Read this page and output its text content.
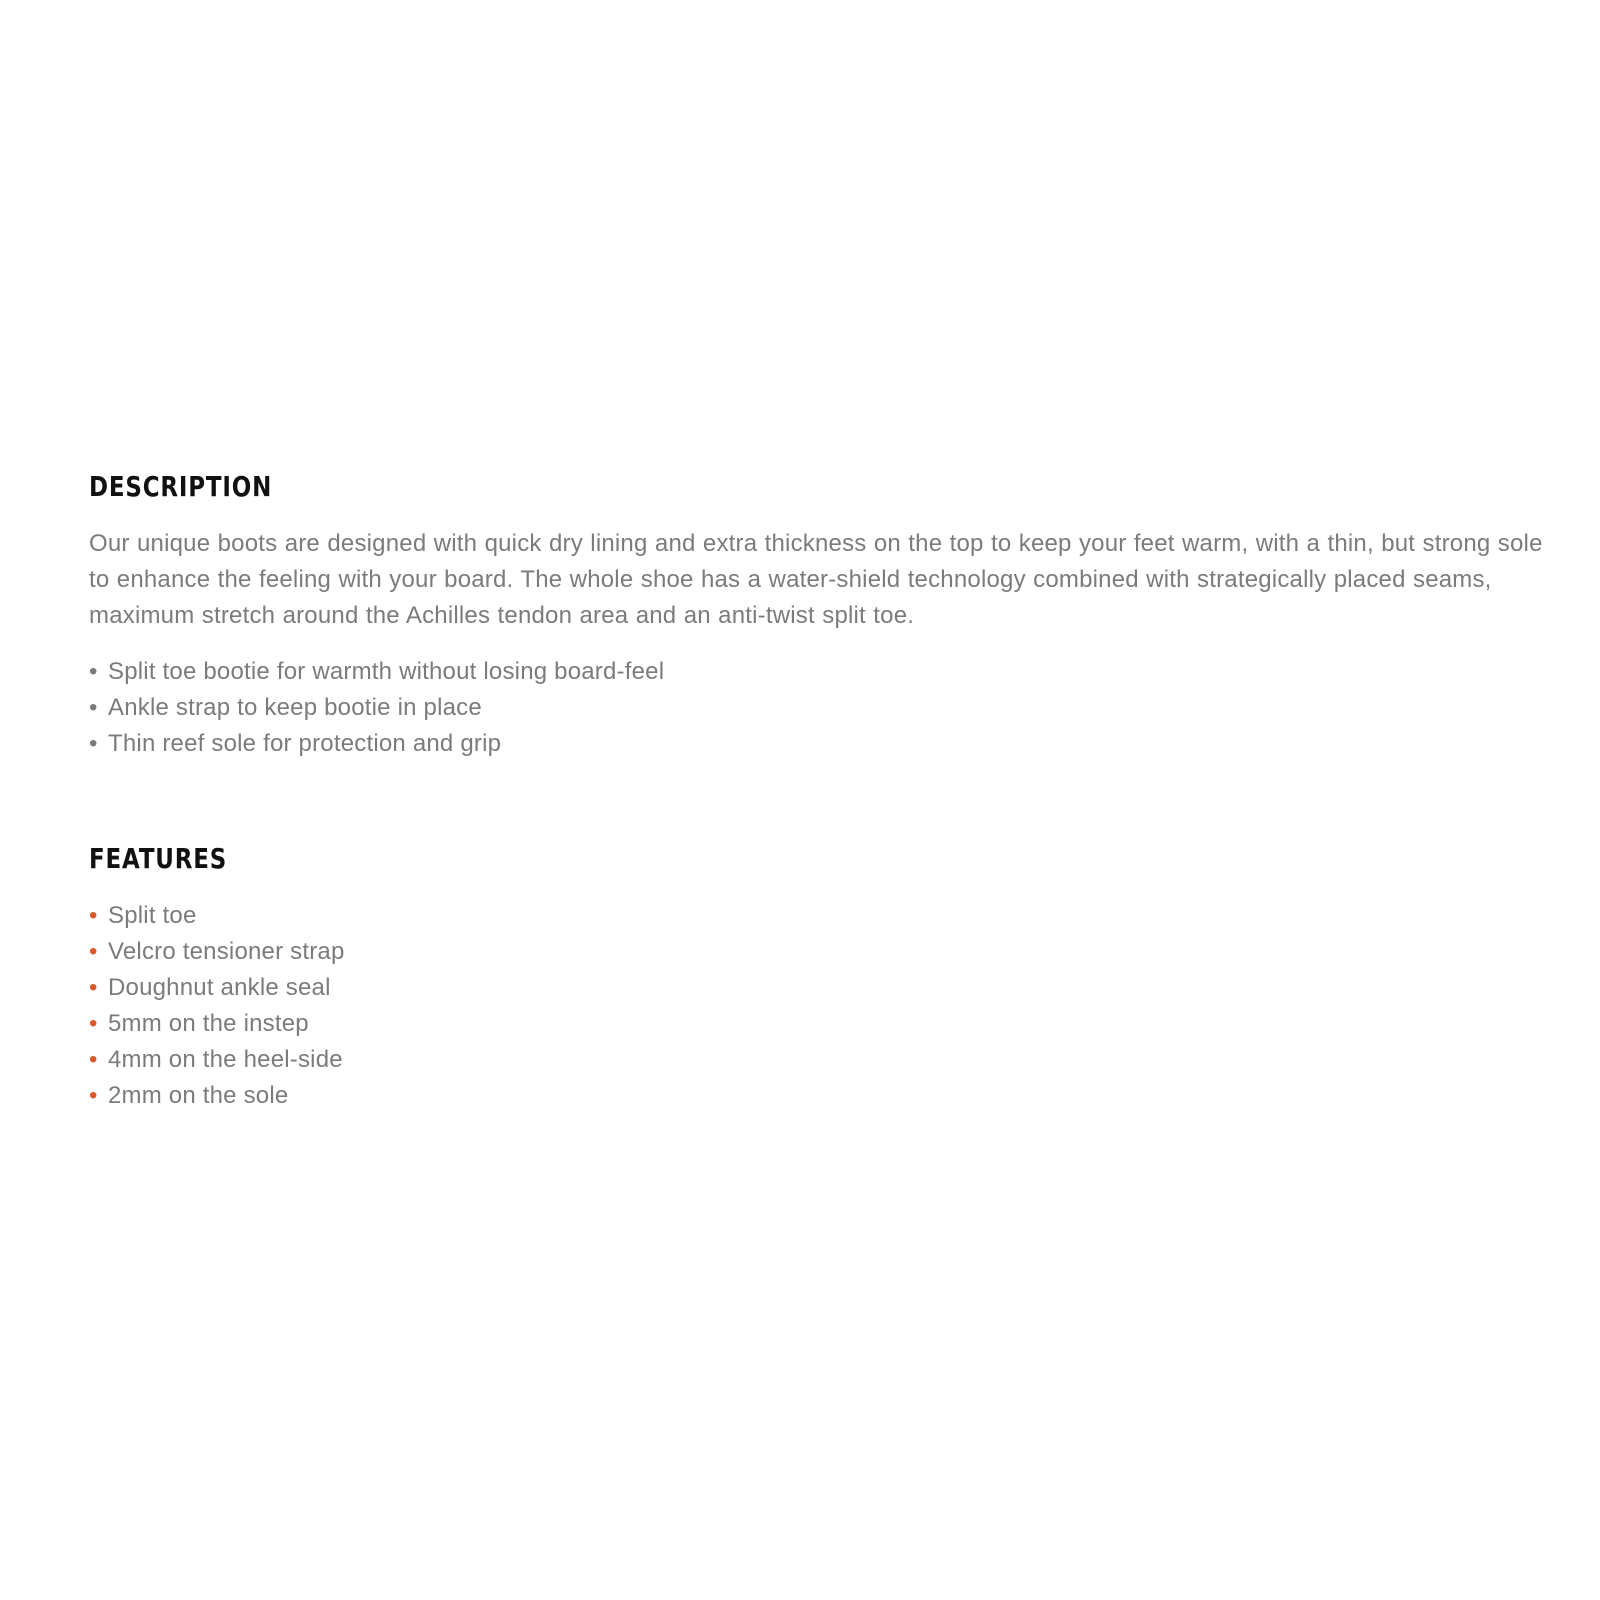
DESCRIPTION

Our unique boots are designed with quick dry lining and extra thickness on the top to keep your feet warm, with a thin, but strong sole to enhance the feeling with your board. The whole shoe has a water-shield technology combined with strategically placed seams, maximum stretch around the Achilles tendon area and an anti-twist split toe.

• Split toe bootie for warmth without losing board-feel
• Ankle strap to keep bootie in place
• Thin reef sole for protection and grip
FEATURES
• Split toe
• Velcro tensioner strap
• Doughnut ankle seal
• 5mm on the instep
• 4mm on the heel-side
• 2mm on the sole
